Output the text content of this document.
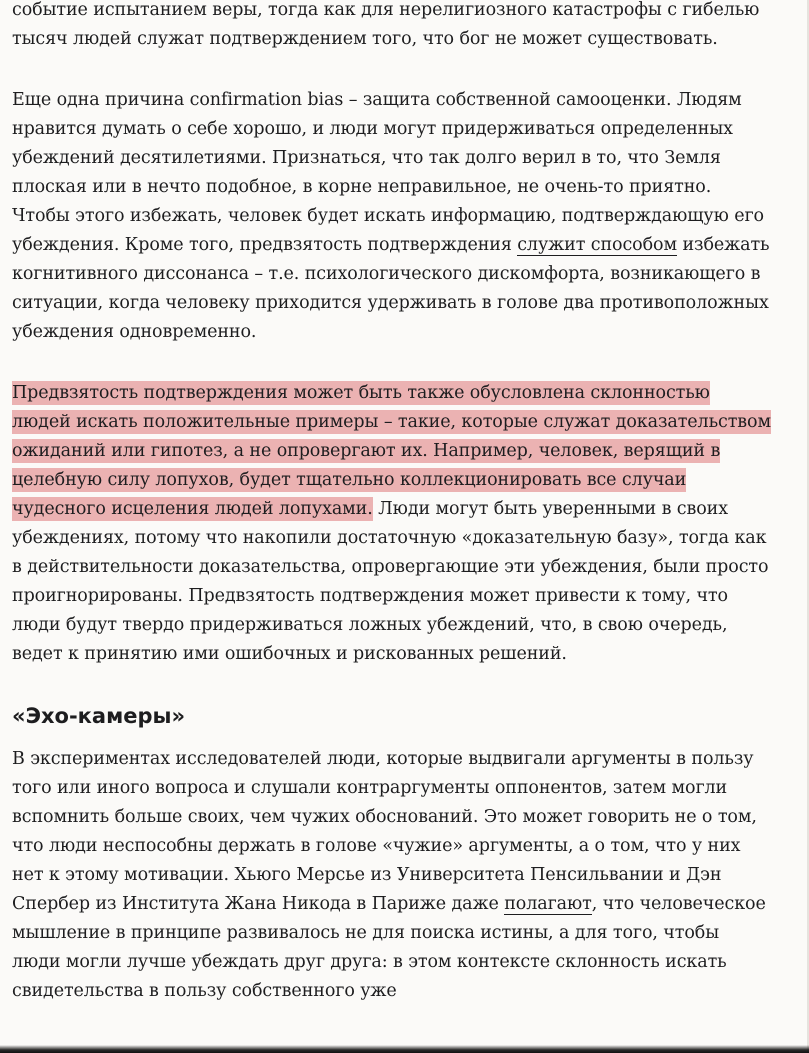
событие испытанием веры, тогда как для нерелигиозного катастрофы с гибелью тысяч людей служат подтверждением того, что бог не может существовать.

Еще одна причина confirmation bias – защита собственной самооценки. Людям нравится думать о себе хорошо, и люди могут придерживаться определенных убеждений десятилетиями. Признаться, что так долго верил в то, что Земля плоская или в нечто подобное, в корне неправильное, не очень-то приятно. Чтобы этого избежать, человек будет искать информацию, подтверждающую его убеждения. Кроме того, предвзятость подтверждения служит способом избежать когнитивного диссонанса – т.е. психологического дискомфорта, возникающего в ситуации, когда человеку приходится удерживать в голове два противоположных убеждения одновременно.

Предвзятость подтверждения может быть также обусловлена склонностью людей искать положительные примеры – такие, которые служат доказательством ожиданий или гипотез, а не опровергают их. Например, человек, верящий в целебную силу лопухов, будет тщательно коллекционировать все случаи чудесного исцеления людей лопухами. Люди могут быть уверенными в своих убеждениях, потому что накопили достаточную «доказательную базу», тогда как в действительности доказательства, опровергающие эти убеждения, были просто проигнорированы. Предвзятость подтверждения может привести к тому, что люди будут твердо придерживаться ложных убеждений, что, в свою очередь, ведет к принятию ими ошибочных и рискованных решений.

«Эхо-камеры»

В экспериментах исследователей люди, которые выдвигали аргументы в пользу того или иного вопроса и слушали контраргументы оппонентов, затем могли вспомнить больше своих, чем чужих обоснований. Это может говорить не о том, что люди неспособны держать в голове «чужие» аргументы, а о том, что у них нет к этому мотивации. Хьюго Мерсье из Университета Пенсильвании и Дэн Спербер из Института Жана Никода в Париже даже полагают, что человеческое мышление в принципе развивалось не для поиска истины, а для того, чтобы люди могли лучше убеждать друг друга: в этом контексте склонность искать свидетельства в пользу собственного уже
